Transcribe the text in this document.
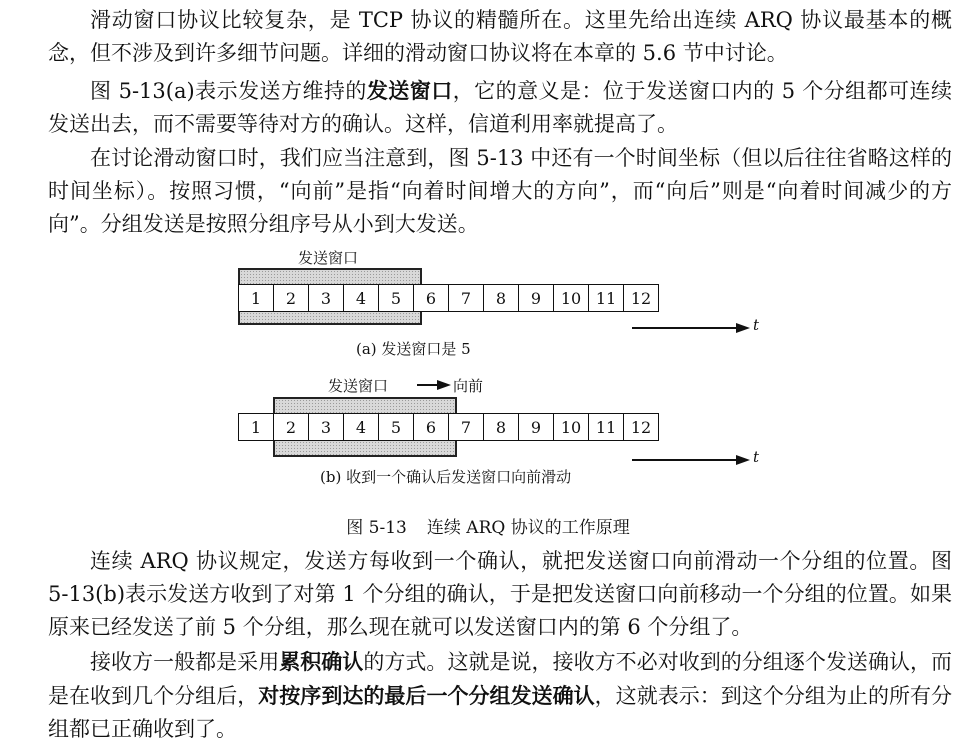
滑动窗口协议比较复杂，是 TCP 协议的精髓所在。这里先给出连续 ARQ 协议最基本的概念，但不涉及到许多细节问题。详细的滑动窗口协议将在本章的 5.6 节中讨论。

图 5-13(a)表示发送方维持的发送窗口，它的意义是：位于发送窗口内的 5 个分组都可连续发送出去，而不需要等待对方的确认。这样，信道利用率就提高了。

在讨论滑动窗口时，我们应当注意到，图 5-13 中还有一个时间坐标（但以后往往省略这样的时间坐标）。按照习惯，“向前”是指“向着时间增大的方向”，而“向后”则是“向着时间减少的方向”。分组发送是按照分组序号从小到大发送。

发送窗口
1	2	3	4	5	6	7	8	9	10 11 12
t
(a) 发送窗口是 5
发送窗口	向前
1	2	3	4	5	6	7	8	9	10 11 12
t
(b) 收到一个确认后发送窗口向前滑动
图 5-13 连续 ARQ 协议的工作原理

连续 ARQ 协议规定，发送方每收到一个确认，就把发送窗口向前滑动一个分组的位置。图 5-13(b)表示发送方收到了对第 1 个分组的确认，于是把发送窗口向前移动一个分组的位置。如果原来已经发送了前 5 个分组，那么现在就可以发送窗口内的第 6 个分组了。

接收方一般都是采用累积确认的方式。这就是说，接收方不必对收到的分组逐个发送确认，而是在收到几个分组后，对按序到达的最后一个分组发送确认，这就表示：到这个分组为止的所有分组都已正确收到了。
